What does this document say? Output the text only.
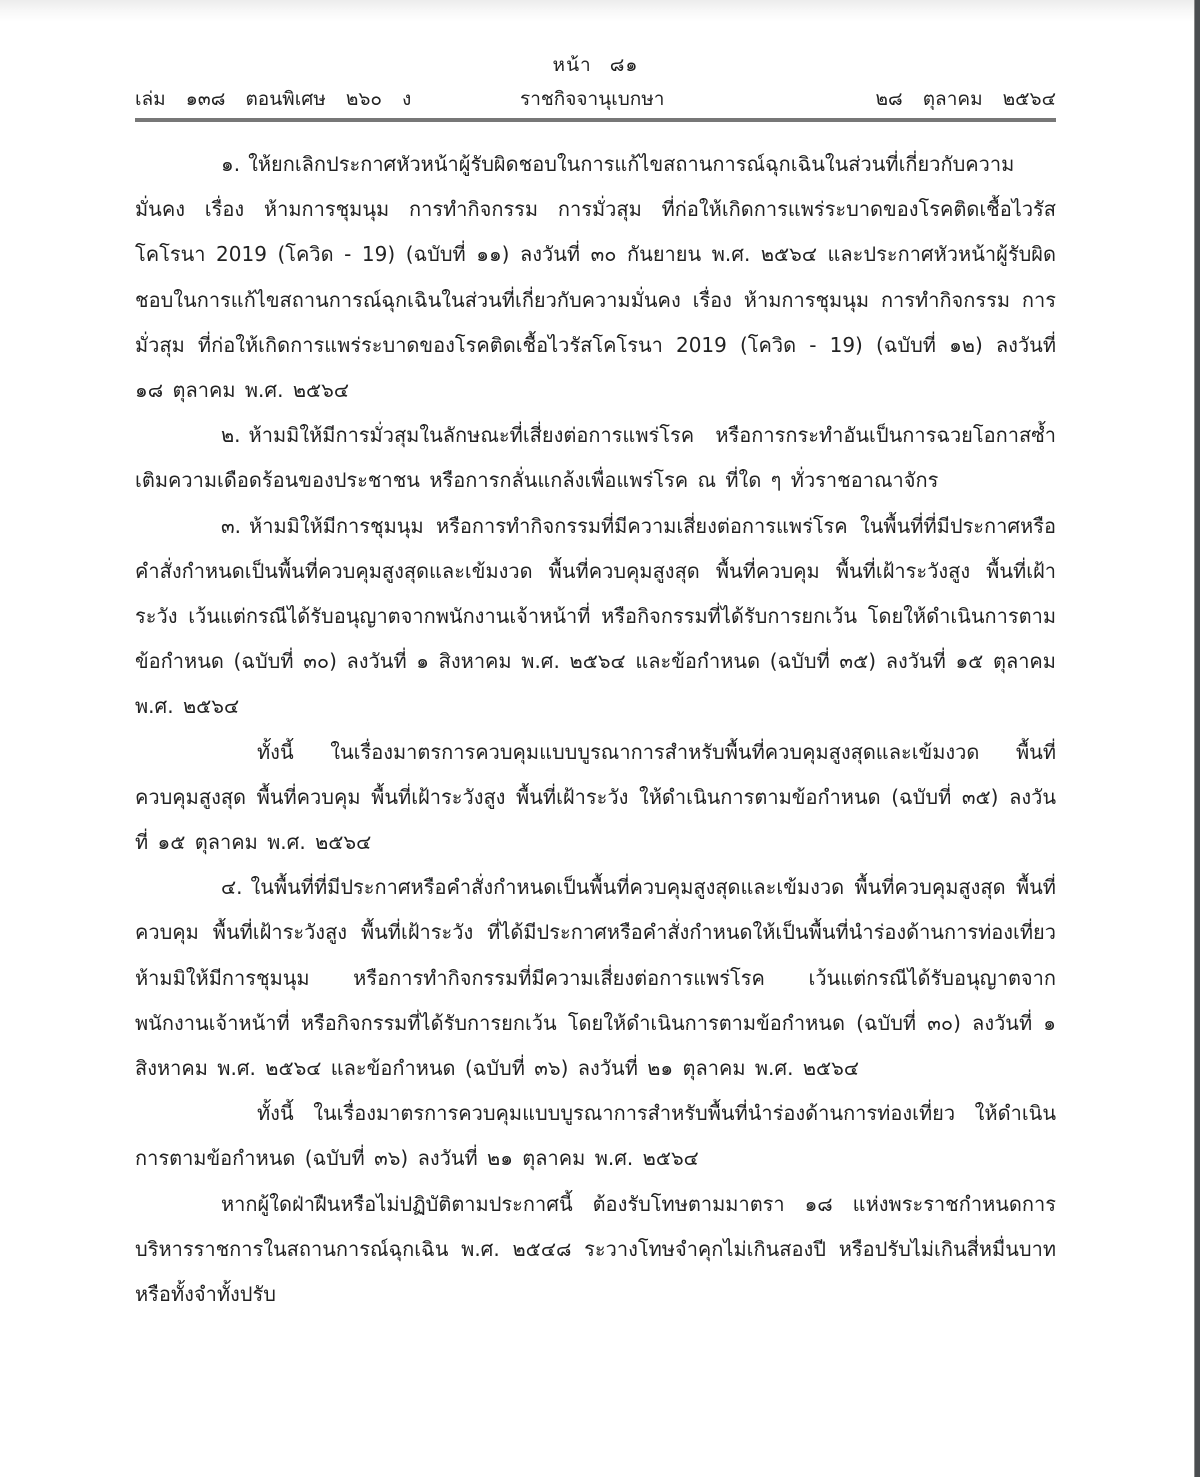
หน้า ๘๑
เล่ม ๑๓๘ ตอนพิเศษ ๒๖๐ ง	ราชกิจจานุเบกษา	๒๘ ตุลาคม ๒๕๖๔

๑. ให้ยกเลิกประกาศหัวหน้าผู้รับผิดชอบในการแก้ไขสถานการณ์ฉุกเฉินในส่วนที่เกี่ยวกับความมั่นคง เรื่อง ห้ามการชุมนุม การทำกิจกรรม การมั่วสุม ที่ก่อให้เกิดการแพร่ระบาดของโรคติดเชื้อไวรัสโคโรนา 2019 (โควิด - 19) (ฉบับที่ ๑๑) ลงวันที่ ๓๐ กันยายน พ.ศ. ๒๕๖๔ และประกาศหัวหน้าผู้รับผิดชอบในการแก้ไขสถานการณ์ฉุกเฉินในส่วนที่เกี่ยวกับความมั่นคง เรื่อง ห้ามการชุมนุม การทำกิจกรรม การมั่วสุม ที่ก่อให้เกิดการแพร่ระบาดของโรคติดเชื้อไวรัสโคโรนา 2019 (โควิด - 19) (ฉบับที่ ๑๒) ลงวันที่ ๑๘ ตุลาคม พ.ศ. ๒๕๖๔

๒. ห้ามมิให้มีการมั่วสุมในลักษณะที่เสี่ยงต่อการแพร่โรค หรือการกระทำอันเป็นการฉวยโอกาสซ้ำเติมความเดือดร้อนของประชาชน หรือการกลั่นแกล้งเพื่อแพร่โรค ณ ที่ใด ๆ ทั่วราชอาณาจักร

๓. ห้ามมิให้มีการชุมนุม หรือการทำกิจกรรมที่มีความเสี่ยงต่อการแพร่โรค ในพื้นที่ที่มีประกาศหรือคำสั่งกำหนดเป็นพื้นที่ควบคุมสูงสุดและเข้มงวด พื้นที่ควบคุมสูงสุด พื้นที่ควบคุม พื้นที่เฝ้าระวังสูง พื้นที่เฝ้าระวัง เว้นแต่กรณีได้รับอนุญาตจากพนักงานเจ้าหน้าที่ หรือกิจกรรมที่ได้รับการยกเว้น โดยให้ดำเนินการตามข้อกำหนด (ฉบับที่ ๓๐) ลงวันที่ ๑ สิงหาคม พ.ศ. ๒๕๖๔ และข้อกำหนด (ฉบับที่ ๓๕) ลงวันที่ ๑๕ ตุลาคม พ.ศ. ๒๕๖๔

ทั้งนี้ ในเรื่องมาตรการควบคุมแบบบูรณาการสำหรับพื้นที่ควบคุมสูงสุดและเข้มงวด พื้นที่ควบคุมสูงสุด พื้นที่ควบคุม พื้นที่เฝ้าระวังสูง พื้นที่เฝ้าระวัง ให้ดำเนินการตามข้อกำหนด (ฉบับที่ ๓๕) ลงวันที่ ๑๕ ตุลาคม พ.ศ. ๒๕๖๔

๔. ในพื้นที่ที่มีประกาศหรือคำสั่งกำหนดเป็นพื้นที่ควบคุมสูงสุดและเข้มงวด พื้นที่ควบคุมสูงสุด พื้นที่ควบคุม พื้นที่เฝ้าระวังสูง พื้นที่เฝ้าระวัง ที่ได้มีประกาศหรือคำสั่งกำหนดให้เป็นพื้นที่นำร่องด้านการท่องเที่ยว ห้ามมิให้มีการชุมนุม หรือการทำกิจกรรมที่มีความเสี่ยงต่อการแพร่โรค เว้นแต่กรณีได้รับอนุญาตจากพนักงานเจ้าหน้าที่ หรือกิจกรรมที่ได้รับการยกเว้น โดยให้ดำเนินการตามข้อกำหนด (ฉบับที่ ๓๐) ลงวันที่ ๑ สิงหาคม พ.ศ. ๒๕๖๔ และข้อกำหนด (ฉบับที่ ๓๖) ลงวันที่ ๒๑ ตุลาคม พ.ศ. ๒๕๖๔

ทั้งนี้ ในเรื่องมาตรการควบคุมแบบบูรณาการสำหรับพื้นที่นำร่องด้านการท่องเที่ยว ให้ดำเนินการตามข้อกำหนด (ฉบับที่ ๓๖) ลงวันที่ ๒๑ ตุลาคม พ.ศ. ๒๕๖๔

หากผู้ใดฝ่าฝืนหรือไม่ปฏิบัติตามประกาศนี้ ต้องรับโทษตามมาตรา ๑๘ แห่งพระราชกำหนดการบริหารราชการในสถานการณ์ฉุกเฉิน พ.ศ. ๒๕๔๘ ระวางโทษจำคุกไม่เกินสองปี หรือปรับไม่เกินสี่หมื่นบาท หรือทั้งจำทั้งปรับ
